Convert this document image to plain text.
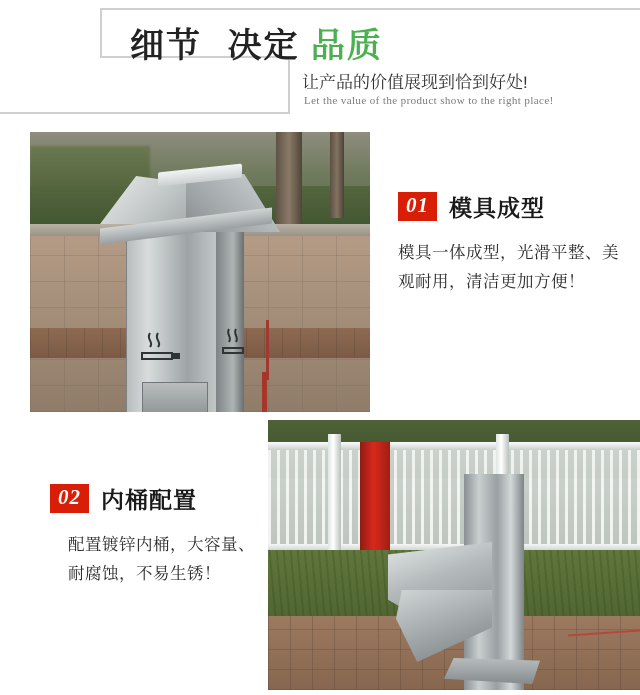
细节 决定 品质
让产品的价值展现到恰到好处!
Let the value of the product show to the right place!
01 模具成型
模具一体成型，光滑平整、美观耐用，清洁更加方便！
02 内桶配置
配置镀锌内桶，大容量、耐腐蚀，不易生锈！
